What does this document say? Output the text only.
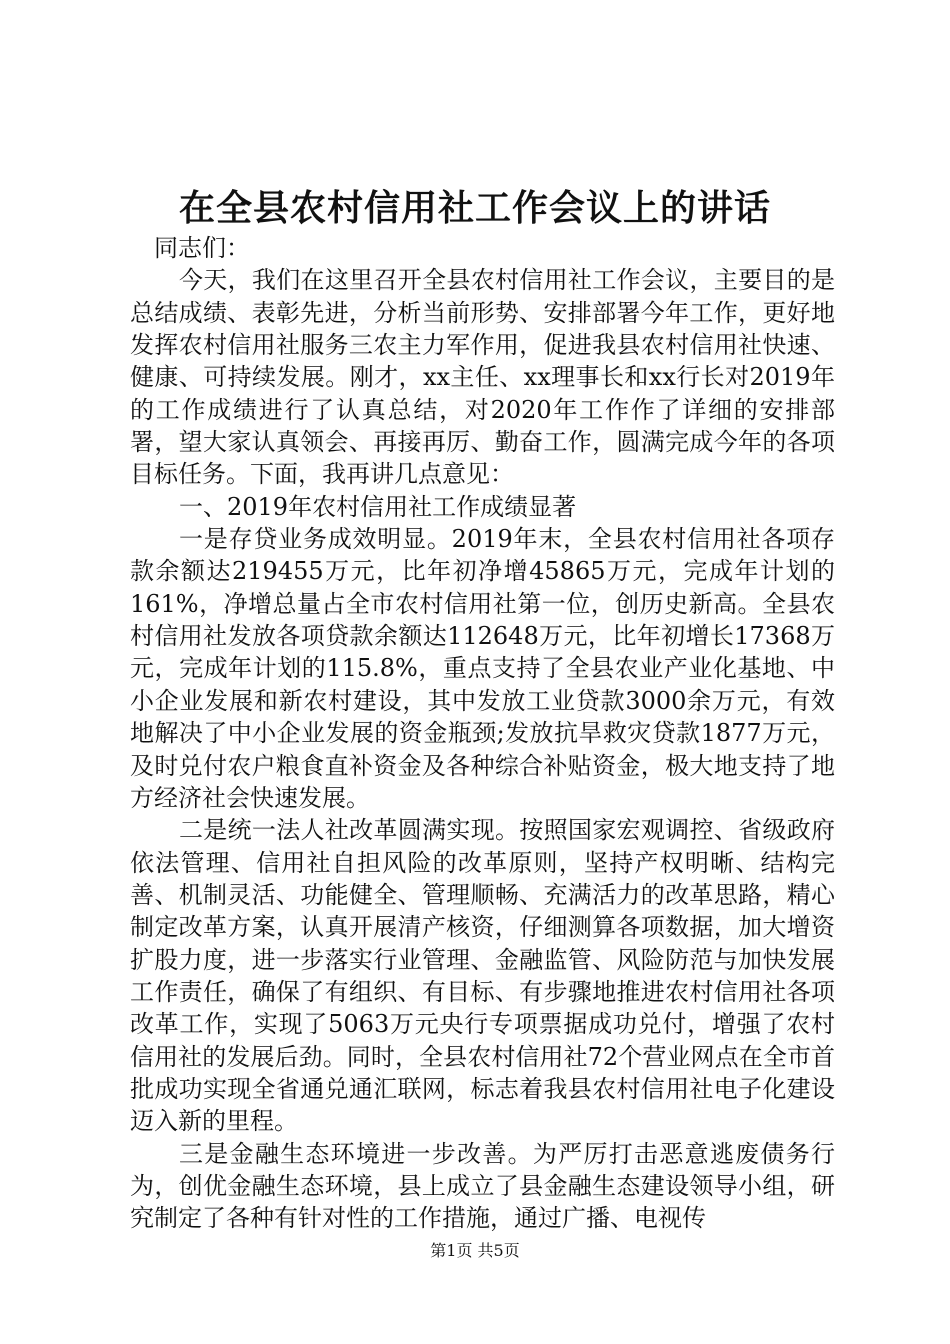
在全县农村信用社工作会议上的讲话

同志们：

今天，我们在这里召开全县农村信用社工作会议，主要目的是总结成绩、表彰先进，分析当前形势、安排部署今年工作，更好地发挥农村信用社服务三农主力军作用，促进我县农村信用社快速、健康、可持续发展。刚才，xx主任、xx理事长和xx行长对2019年的工作成绩进行了认真总结，对2020年工作作了详细的安排部署，望大家认真领会、再接再厉、勤奋工作，圆满完成今年的各项目标任务。下面，我再讲几点意见：

一、2019年农村信用社工作成绩显著

一是存贷业务成效明显。2019年末，全县农村信用社各项存款余额达219455万元，比年初净增45865万元，完成年计划的161%，净增总量占全市农村信用社第一位，创历史新高。全县农村信用社发放各项贷款余额达112648万元，比年初增长17368万元，完成年计划的115.8%，重点支持了全县农业产业化基地、中小企业发展和新农村建设，其中发放工业贷款3000余万元，有效地解决了中小企业发展的资金瓶颈;发放抗旱救灾贷款1877万元，及时兑付农户粮食直补资金及各种综合补贴资金，极大地支持了地方经济社会快速发展。

二是统一法人社改革圆满实现。按照国家宏观调控、省级政府依法管理、信用社自担风险的改革原则，坚持产权明晰、结构完善、机制灵活、功能健全、管理顺畅、充满活力的改革思路，精心制定改革方案，认真开展清产核资，仔细测算各项数据，加大增资扩股力度，进一步落实行业管理、金融监管、风险防范与加快发展工作责任，确保了有组织、有目标、有步骤地推进农村信用社各项改革工作，实现了5063万元央行专项票据成功兑付，增强了农村信用社的发展后劲。同时，全县农村信用社72个营业网点在全市首批成功实现全省通兑通汇联网，标志着我县农村信用社电子化建设迈入新的里程。

三是金融生态环境进一步改善。为严厉打击恶意逃废债务行为，创优金融生态环境，县上成立了县金融生态建设领导小组，研究制定了各种有针对性的工作措施，通过广播、电视传

第1页 共5页
